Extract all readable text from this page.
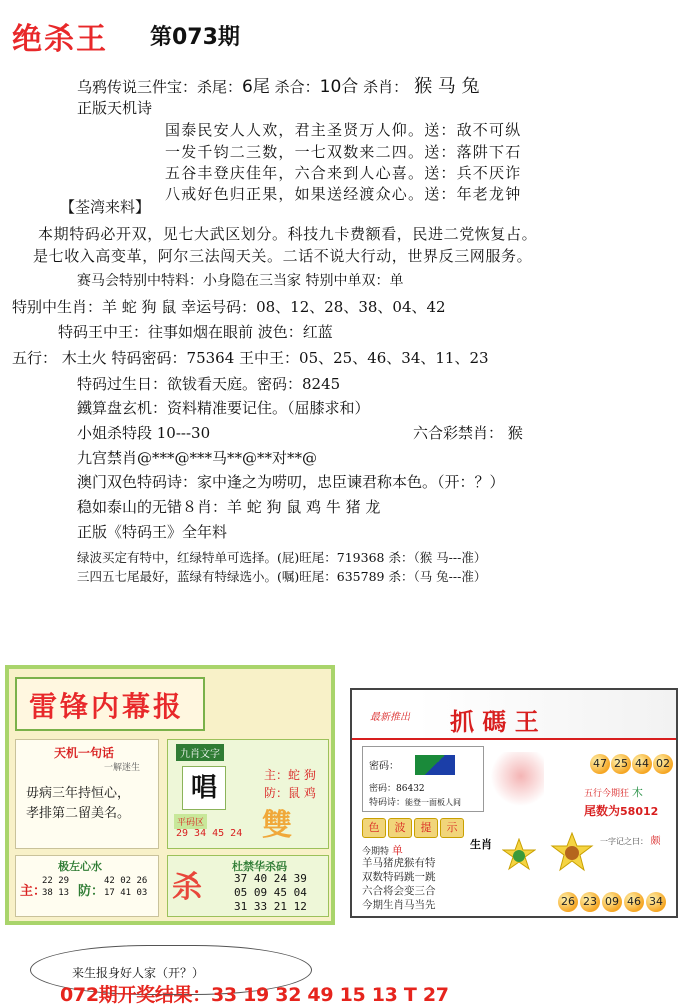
绝杀王 第073期
乌鸦传说三件宝：杀尾：6尾 杀合：10合 杀肖： 猴 马 兔
正版天机诗
国泰民安人人欢，君主圣贤万人仰。送：敌不可纵
一发千钧二三数，一七双数来二四。送：落阱下石
五谷丰登庆佳年，六合来到人心喜。送：兵不厌诈
八戒好色归正果，如果送经渡众心。送：年老龙钟
【荃湾来料】
本期特码必开双，见七大武区划分。科技九卡费额看，民进二党恢复占。
是七收入高变革，阿尔三法闯天关。二话不说大行动，世界反三网服务。
赛马会特别中特料：小身隐在三当家 特别中单双：单
特别中生肖：羊 蛇 狗 鼠 幸运号码：08、12、28、38、04、42
特码王中王：往事如烟在眼前 波色：红蓝
五行： 木土火 特码密码：75364 王中王：05、25、46、34、11、23
特码过生日：欲钹看天庭。密码：8245
鐵算盘玄机：资料精准要记住。（屈膝求和）
小姐杀特段 10---30	六合彩禁肖： 猴
九宫禁肖@***@***马**@**对**@
澳门双色特码诗：家中逢之为唠叨，忠臣谏君称本色。（开：？）
稳如泰山的无错８肖：羊 蛇 狗 鼠 鸡 牛 猪 龙
正版《特码王》全年料
绿波买定有特中，红绿特单可选择。(屁)旺尾：719368 杀：（猴 马---准）
三四五七尾最好，蓝绿有特绿选小。(嘱)旺尾：635789 杀：（马 兔---准）
雷锋内幕报
天机一句话
一解迷生
毋病三年持恒心，
孝排第二留美名。
九肖文字
唱	主：蛇 狗
防：鼠 鸡
平码区
29 34 45 24 雙
极左心水
主：
22 29
38 13 防：
42 02 26
17 41 03 杀
杜禁华杀码
37 40 24 39
05 09 45 04
31 33 21 12
最新推出 抓 碼 王
密码：
密码：86432
特码诗：能登一面板人间
47 25 44 02
五行今期狂 木
尾数为58012
色	波	提	示
生肖	一字记之曰： 颇
今期特 单
羊马猪虎猴有特
双数特码跳一跳
六合将会变三合
今期生肖马当先	26 23 09 46 34
来生报身好人家（开？）
072期开奖结果：33 19 32 49 15 13 T 27
